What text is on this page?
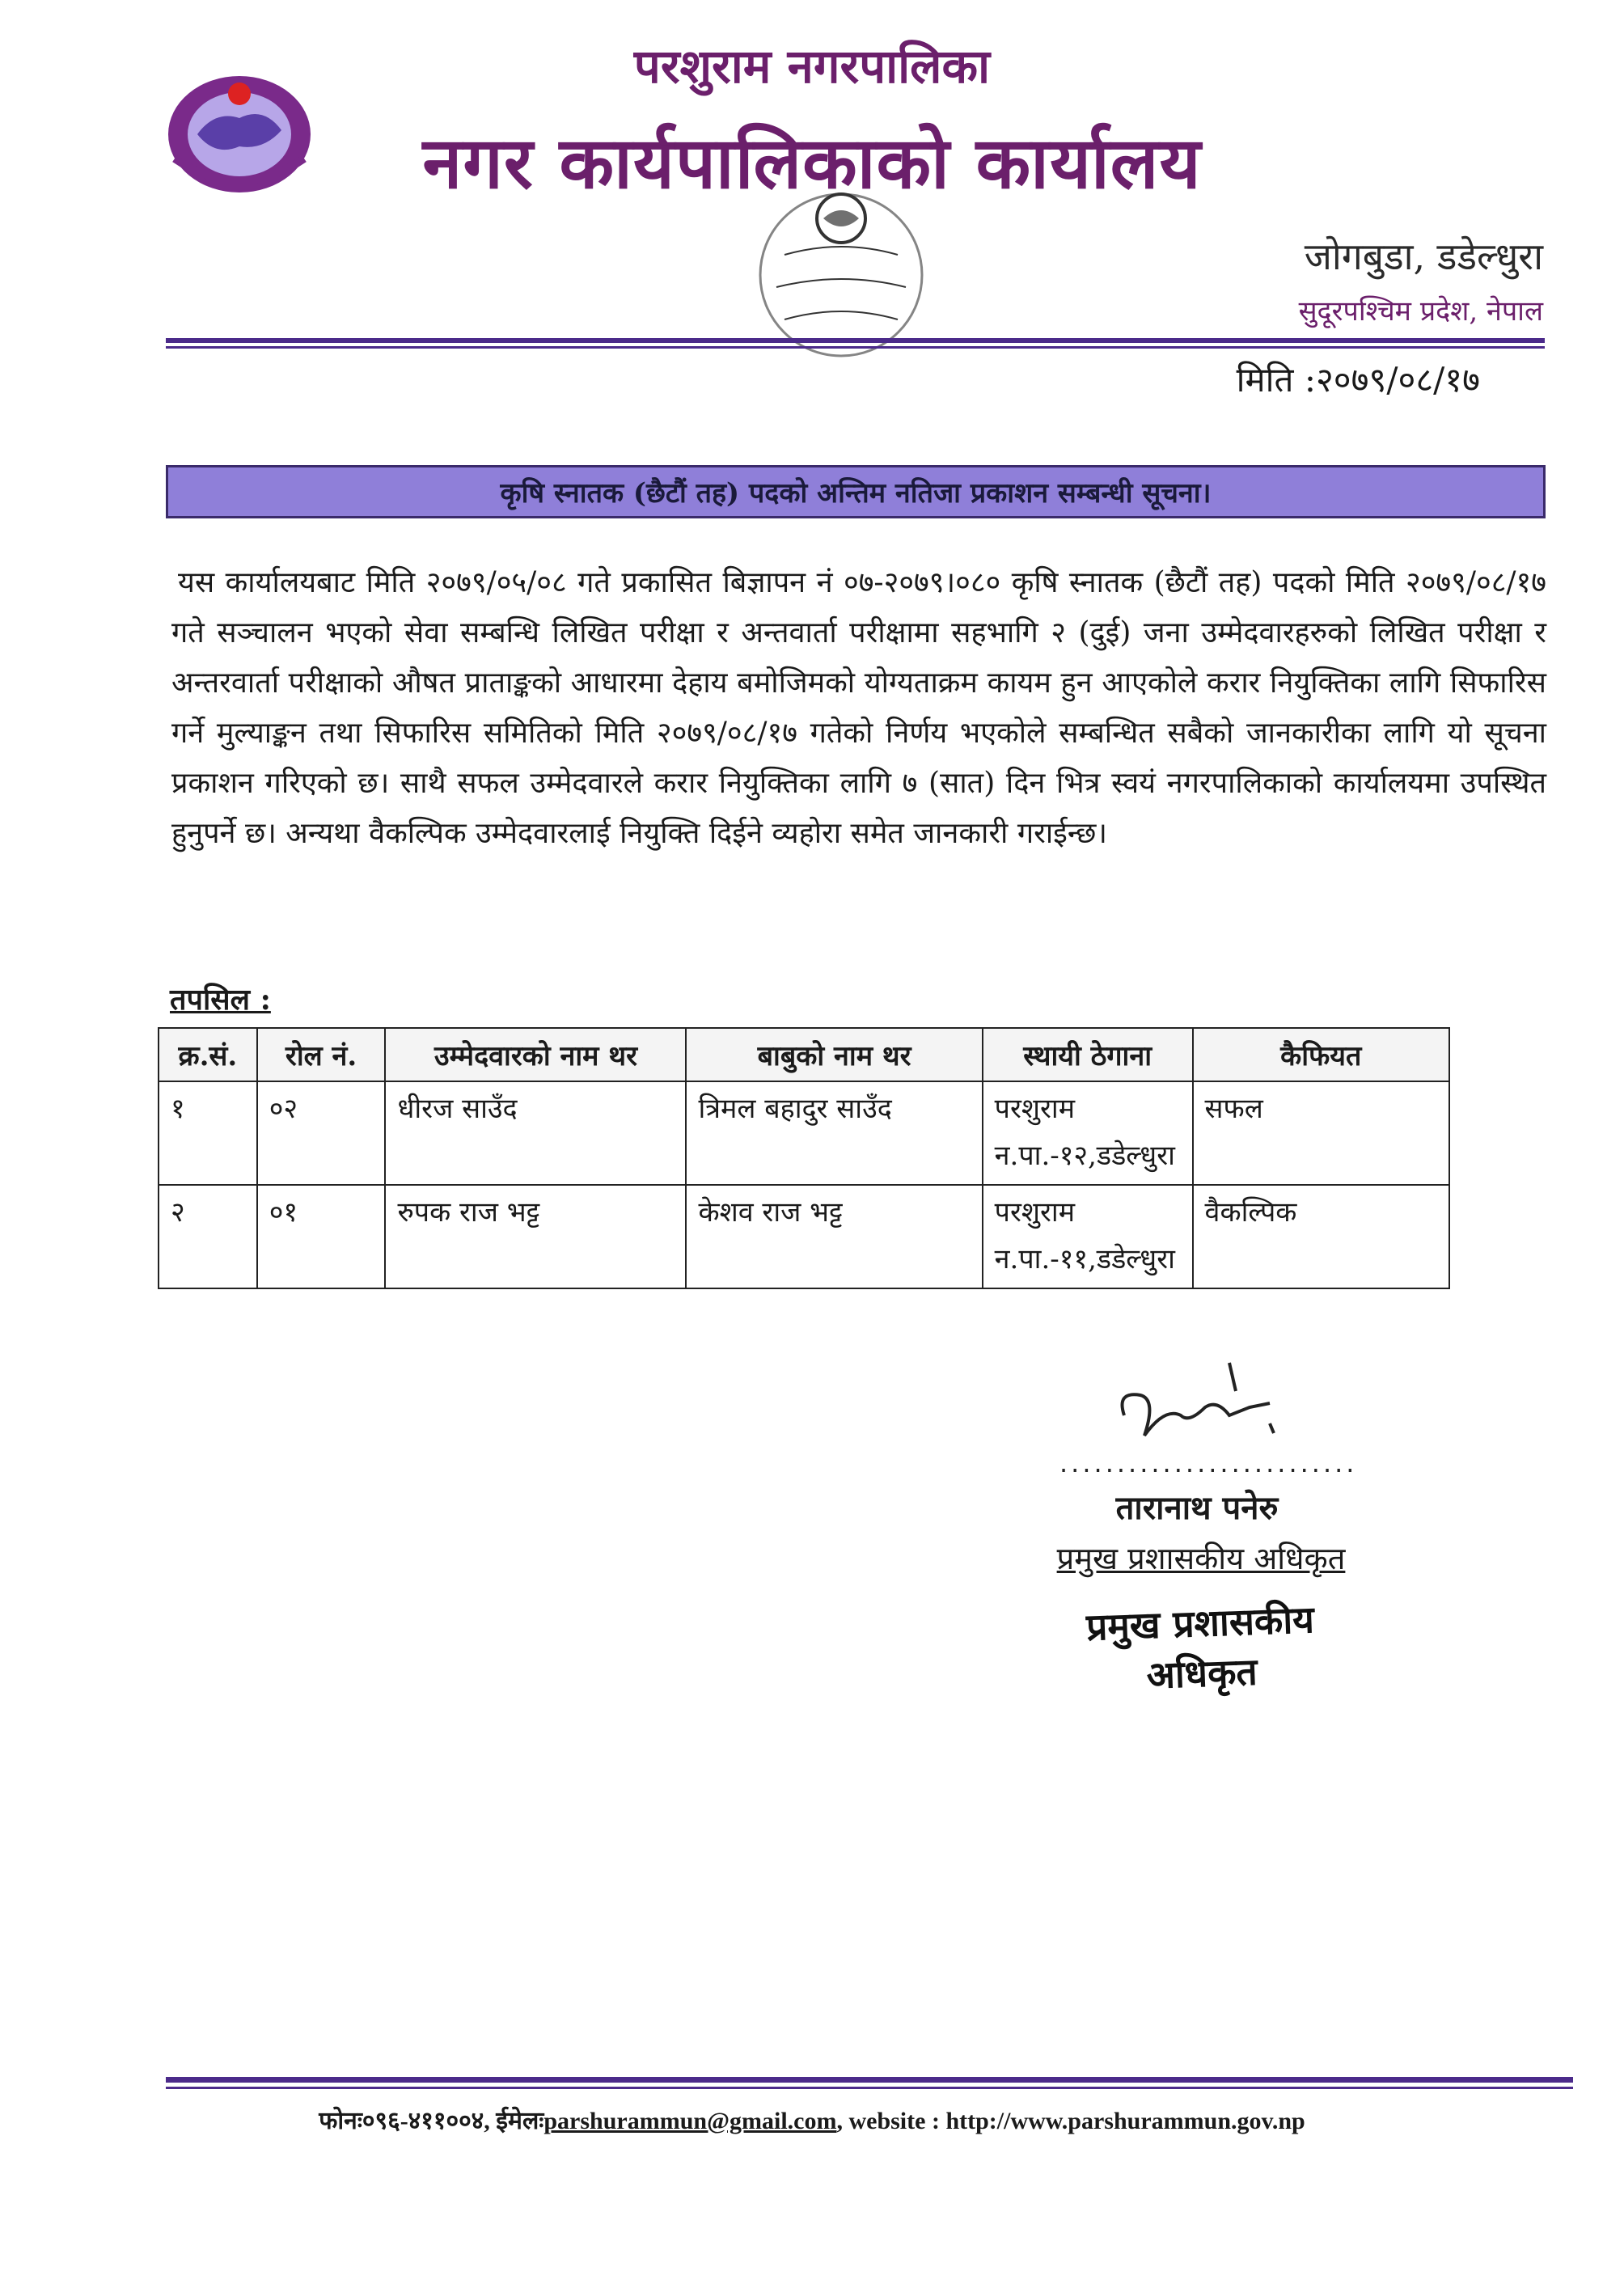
परशुराम नगरपालिका
नगर कार्यपालिकाको कार्यालय
जोगबुडा, डडेल्धुरा
सुदूरपश्चिम प्रदेश, नेपाल
मिति :२०७९/०८/१७
कृषि स्नातक (छैटौं तह) पदको अन्तिम नतिजा प्रकाशन सम्बन्धी सूचना।

यस कार्यालयबाट मिति २०७९/०५/०८ गते प्रकासित बिज्ञापन नं ०७-२०७९।०८० कृषि स्नातक (छैटौं तह) पदको मिति २०७९/०८/१७ गते सञ्चालन भएको सेवा सम्बन्धि लिखित परीक्षा र अन्तवार्ता परीक्षामा सहभागि २ (दुई) जना उम्मेदवारहरुको लिखित परीक्षा र अन्तरवार्ता परीक्षाको औषत प्राताङ्कको आधारमा देहाय बमोजिमको योग्यताक्रम कायम हुन आएकोले करार नियुक्तिका लागि सिफारिस गर्ने मुल्याङ्कन तथा सिफारिस समितिको मिति २०७९/०८/१७ गतेको निर्णय भएकोले सम्बन्धित सबैको जानकारीका लागि यो सूचना प्रकाशन गरिएको छ। साथै सफल उम्मेदवारले करार नियुक्तिका लागि ७ (सात) दिन भित्र स्वयं नगरपालिकाको कार्यालयमा उपस्थित हुनुपर्ने छ। अन्यथा वैकल्पिक उम्मेदवारलाई नियुक्ति दिईने व्यहोरा समेत जानकारी गराईन्छ।

तपसिल :
क्र.सं.	रोल नं.	उम्मेदवारको नाम थर	बाबुको नाम थर	स्थायी ठेगाना	कैफियत
१	०२	धीरज साउँद	त्रिमल बहादुर साउँद	परशुराम न.पा.-१२,डडेल्धुरा	सफल
२	०१	रुपक राज भट्ट	केशव राज भट्ट	परशुराम न.पा.-११,डडेल्धुरा	वैकल्पिक
..........................
तारानाथ पनेरु
प्रमुख प्रशासकीय अधिकृत
प्रमुख प्रशासकीय अधिकृत
फोनः०९६-४११००४, ईमेलःparshurammun@gmail.com, website : http://www.parshurammun.gov.np
